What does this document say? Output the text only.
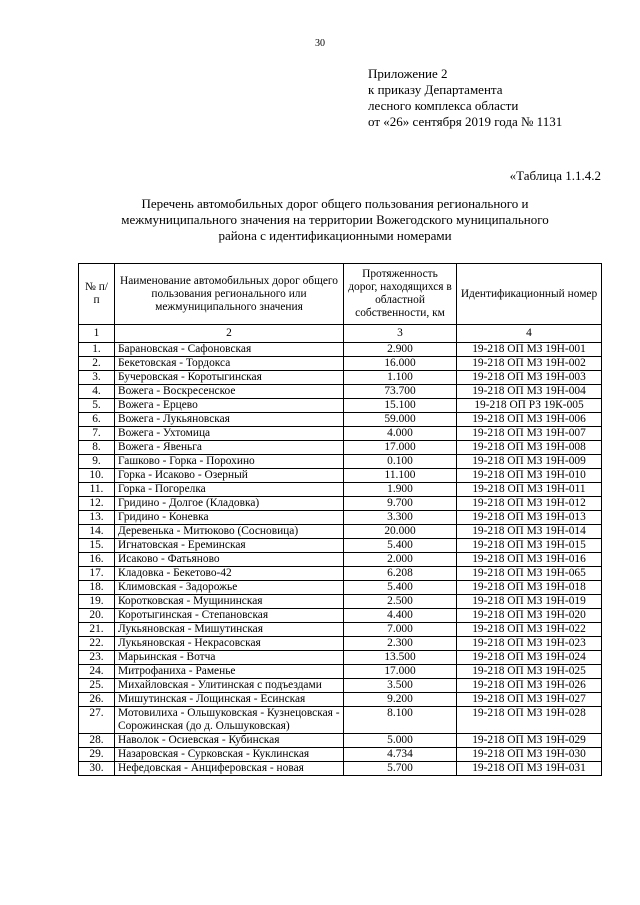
30
Приложение 2
к приказу Департамента
лесного комплекса области
от «26» сентября 2019 года № 1131
«Таблица 1.1.4.2
Перечень автомобильных дорог общего пользования регионального и
межмуниципального значения на территории Вожегодского муниципального
района с идентификационными номерами
№ п/п	Наименование автомобильных дорог общего пользования регионального или межмуниципального значения	Протяженность дорог, находящихся в областной собственности, км	Идентификационный номер
1	2	3	4
1.	Барановская - Сафоновская	2.900	19-218 ОП МЗ 19Н-001
2.	Бекетовская - Тордокса	16.000	19-218 ОП МЗ 19Н-002
3.	Бучеровская - Коротыгинская	1.100	19-218 ОП МЗ 19Н-003
4.	Вожега - Воскресенское	73.700	19-218 ОП МЗ 19Н-004
5.	Вожега - Ерцево	15.100	19-218 ОП РЗ 19К-005
6.	Вожега - Лукьяновская	59.000	19-218 ОП МЗ 19Н-006
7.	Вожега - Ухтомица	4.000	19-218 ОП МЗ 19Н-007
8.	Вожега - Явеньга	17.000	19-218 ОП МЗ 19Н-008
9.	Гашково - Горка - Порохино	0.100	19-218 ОП МЗ 19Н-009
10.	Горка - Исаково - Озерный	11.100	19-218 ОП МЗ 19Н-010
11.	Горка - Погорелка	1.900	19-218 ОП МЗ 19Н-011
12.	Гридино - Долгое (Кладовка)	9.700	19-218 ОП МЗ 19Н-012
13.	Гридино - Коневка	3.300	19-218 ОП МЗ 19Н-013
14.	Деревенька - Митюково (Сосновица)	20.000	19-218 ОП МЗ 19Н-014
15.	Игнатовская - Ереминская	5.400	19-218 ОП МЗ 19Н-015
16.	Исаково - Фатьяново	2.000	19-218 ОП МЗ 19Н-016
17.	Кладовка - Бекетово-42	6.208	19-218 ОП МЗ 19Н-065
18.	Климовская - Задорожье	5.400	19-218 ОП МЗ 19Н-018
19.	Коротковская - Мущининская	2.500	19-218 ОП МЗ 19Н-019
20.	Коротыгинская - Степановская	4.400	19-218 ОП МЗ 19Н-020
21.	Лукьяновская - Мишутинская	7.000	19-218 ОП МЗ 19Н-022
22.	Лукьяновская - Некрасовская	2.300	19-218 ОП МЗ 19Н-023
23.	Марьинская - Вотча	13.500	19-218 ОП МЗ 19Н-024
24.	Митрофаниха - Раменье	17.000	19-218 ОП МЗ 19Н-025
25.	Михайловская - Улитинская с подъездами	3.500	19-218 ОП МЗ 19Н-026
26.	Мишутинская - Лощинская - Есинская	9.200	19-218 ОП МЗ 19Н-027
27.	Мотовилиха - Ольшуковская - Кузнецовская - Сорожинская (до д. Ольшуковская)	8.100	19-218 ОП МЗ 19Н-028
28.	Наволок - Осиевская - Кубинская	5.000	19-218 ОП МЗ 19Н-029
29.	Назаровская - Сурковская - Куклинская	4.734	19-218 ОП МЗ 19Н-030
30.	Нефедовская - Анциферовская - новая	5.700	19-218 ОП МЗ 19Н-031
